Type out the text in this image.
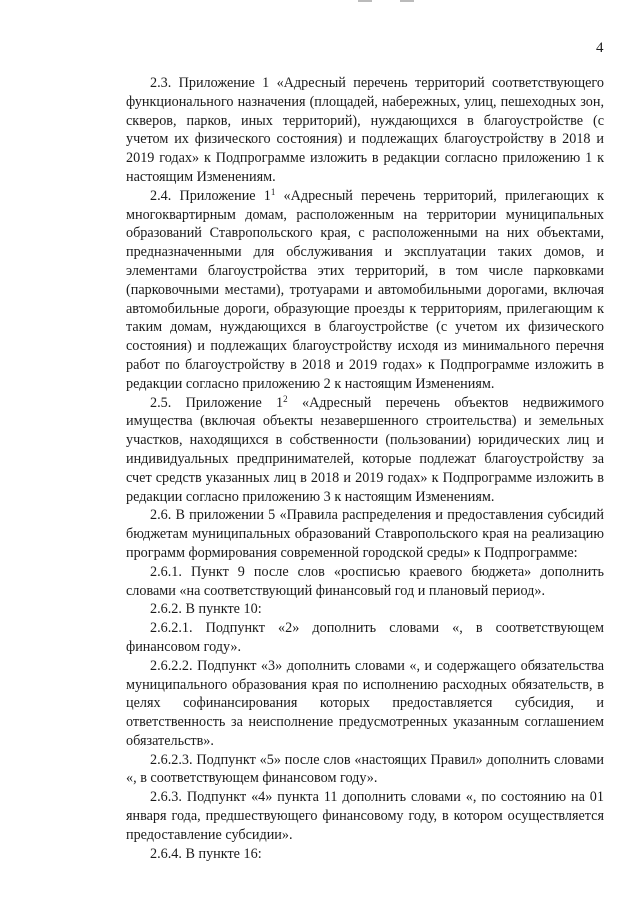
4

2.3. Приложение 1 «Адресный перечень территорий соответствующего функционального назначения (площадей, набережных, улиц, пешеходных зон, скверов, парков, иных территорий), нуждающихся в благоустройстве (с учетом их физического состояния) и подлежащих благоустройству в 2018 и 2019 годах» к Подпрограмме изложить в редакции согласно приложению 1 к настоящим Изменениям.

2.4. Приложение $1^1$ «Адресный перечень территорий, прилегающих к многоквартирным домам, расположенным на территории муниципальных образований Ставропольского края, с расположенными на них объектами, предназначенными для обслуживания и эксплуатации таких домов, и элементами благоустройства этих территорий, в том числе парковками (парковочными местами), тротуарами и автомобильными дорогами, включая автомобильные дороги, образующие проезды к территориям, прилегающим к таким домам, нуждающихся в благоустройстве (с учетом их физического состояния) и подлежащих благоустройству исходя из минимального перечня работ по благоустройству в 2018 и 2019 годах» к Подпрограмме изложить в редакции согласно приложению 2 к настоящим Изменениям.

2.5. Приложение $1^2$ «Адресный перечень объектов недвижимого имущества (включая объекты незавершенного строительства) и земельных участков, находящихся в собственности (пользовании) юридических лиц и индивидуальных предпринимателей, которые подлежат благоустройству за счет средств указанных лиц в 2018 и 2019 годах» к Подпрограмме изложить в редакции согласно приложению 3 к настоящим Изменениям.

2.6. В приложении 5 «Правила распределения и предоставления субсидий бюджетам муниципальных образований Ставропольского края на реализацию программ формирования современной городской среды» к Подпрограмме:

2.6.1. Пункт 9 после слов «росписью краевого бюджета» дополнить словами «на соответствующий финансовый год и плановый период».

2.6.2. В пункте 10:

2.6.2.1. Подпункт «2» дополнить словами «, в соответствующем финансовом году».

2.6.2.2. Подпункт «3» дополнить словами «, и содержащего обязательства муниципального образования края по исполнению расходных обязательств, в целях софинансирования которых предоставляется субсидия, и ответственность за неисполнение предусмотренных указанным соглашением обязательств».

2.6.2.3. Подпункт «5» после слов «настоящих Правил» дополнить словами «, в соответствующем финансовом году».

2.6.3. Подпункт «4» пункта 11 дополнить словами «, по состоянию на 01 января года, предшествующего финансовому году, в котором осуществляется предоставление субсидии».

2.6.4. В пункте 16:
